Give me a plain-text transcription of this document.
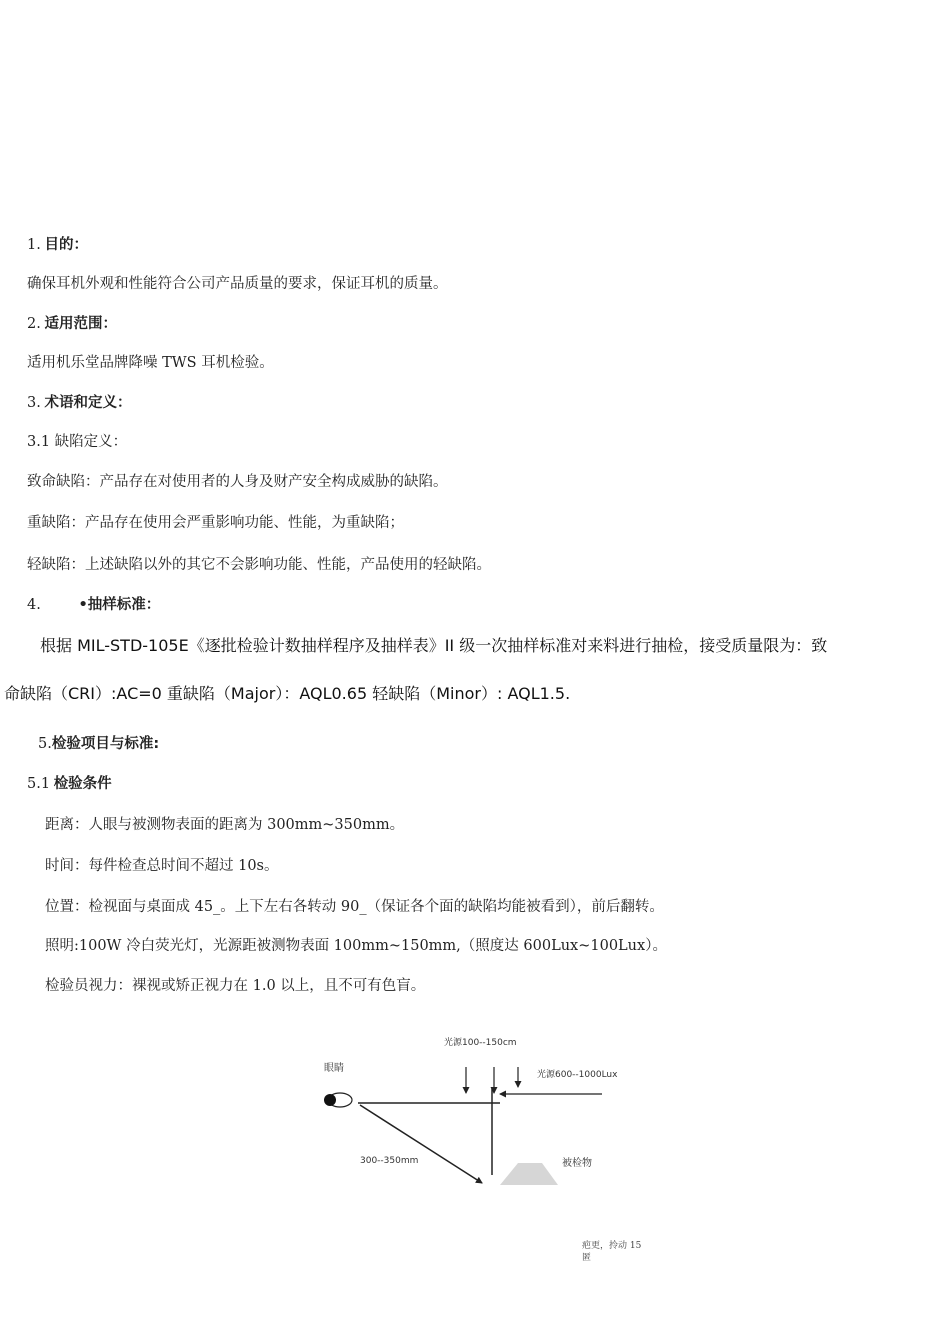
1. 目的：
确保耳机外观和性能符合公司产品质量的要求，保证耳机的质量。
2. 适用范围：
适用机乐堂品牌降噪 TWS 耳机检验。
3. 术语和定义：
3.1 缺陷定义：
致命缺陷：产品存在对使用者的人身及财产安全构成威胁的缺陷。
重缺陷：产品存在使用会严重影响功能、性能，为重缺陷；
轻缺陷：上述缺陷以外的其它不会影响功能、性能，产品使用的轻缺陷。
4.	•抽样标准：
根据 MIL-STD-105E《逐批检验计数抽样程序及抽样表》II 级一次抽样标准对来料进行抽检，接受质量限为：致
命缺陷（CRI）:AC=0 重缺陷（Major）：AQL0.65 轻缺陷（Minor）: AQL1.5.
5.检验项目与标准:
5.1 检验条件
距离：人眼与被测物表面的距离为 300mm~350mm。
时间：每件检查总时间不超过 10s。
位置：检视面与桌面成 45_。上下左右各转动 90_（保证各个面的缺陷均能被看到），前后翻转。
照明:100W 冷白荧光灯，光源距被测物表面 100mm~150mm,（照度达 600Lux~100Lux）。
检验员视力：裸视或矫正视力在 1.0 以上，且不可有色盲。
眼睛
光源100--150cm
光源600--1000Lux
300--350mm	被检物
疤更，拎动 15
匿
